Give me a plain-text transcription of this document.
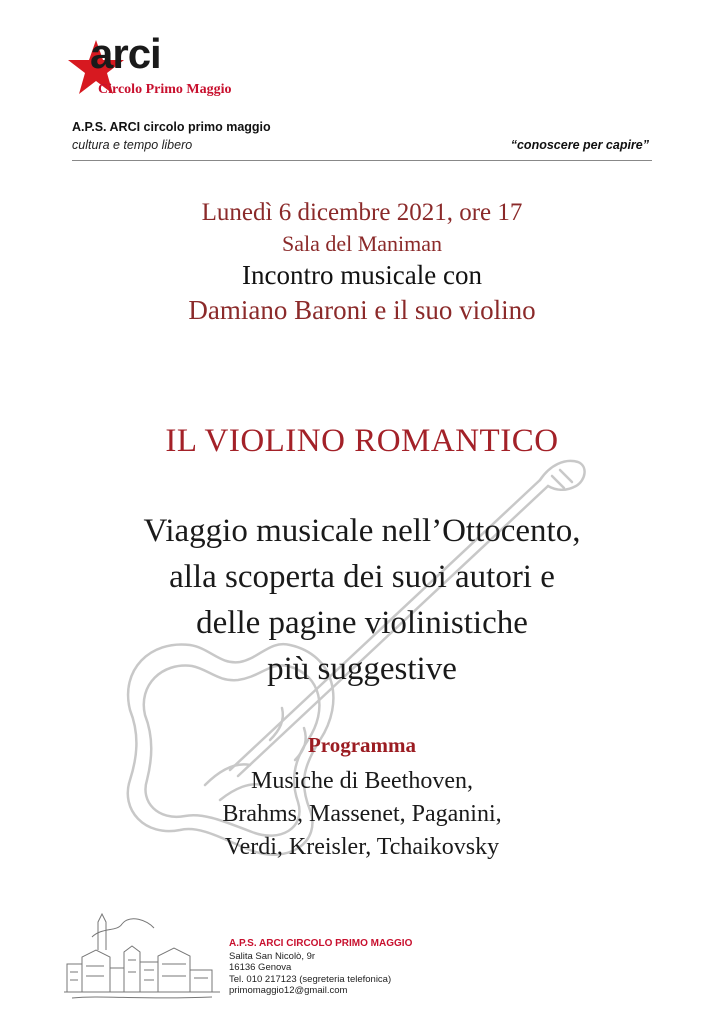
arci
Circolo Primo Maggio
A.P.S. ARCI circolo primo maggio
cultura e tempo libero	“conoscere per capire”
Lunedì 6 dicembre 2021, ore 17
Sala del Maniman
Incontro musicale con
Damiano Baroni e il suo violino
IL VIOLINO ROMANTICO
Viaggio musicale nell’Ottocento,
alla scoperta dei suoi autori e
delle pagine violinistiche
più suggestive
Programma
Musiche di Beethoven,
Brahms, Massenet, Paganini,
Verdi, Kreisler, Tchaikovsky
A.P.S. ARCI CIRCOLO PRIMO MAGGIO
Salita San Nicolò, 9r
16136 Genova
Tel. 010 217123 (segreteria telefonica)
primomaggio12@gmail.com
